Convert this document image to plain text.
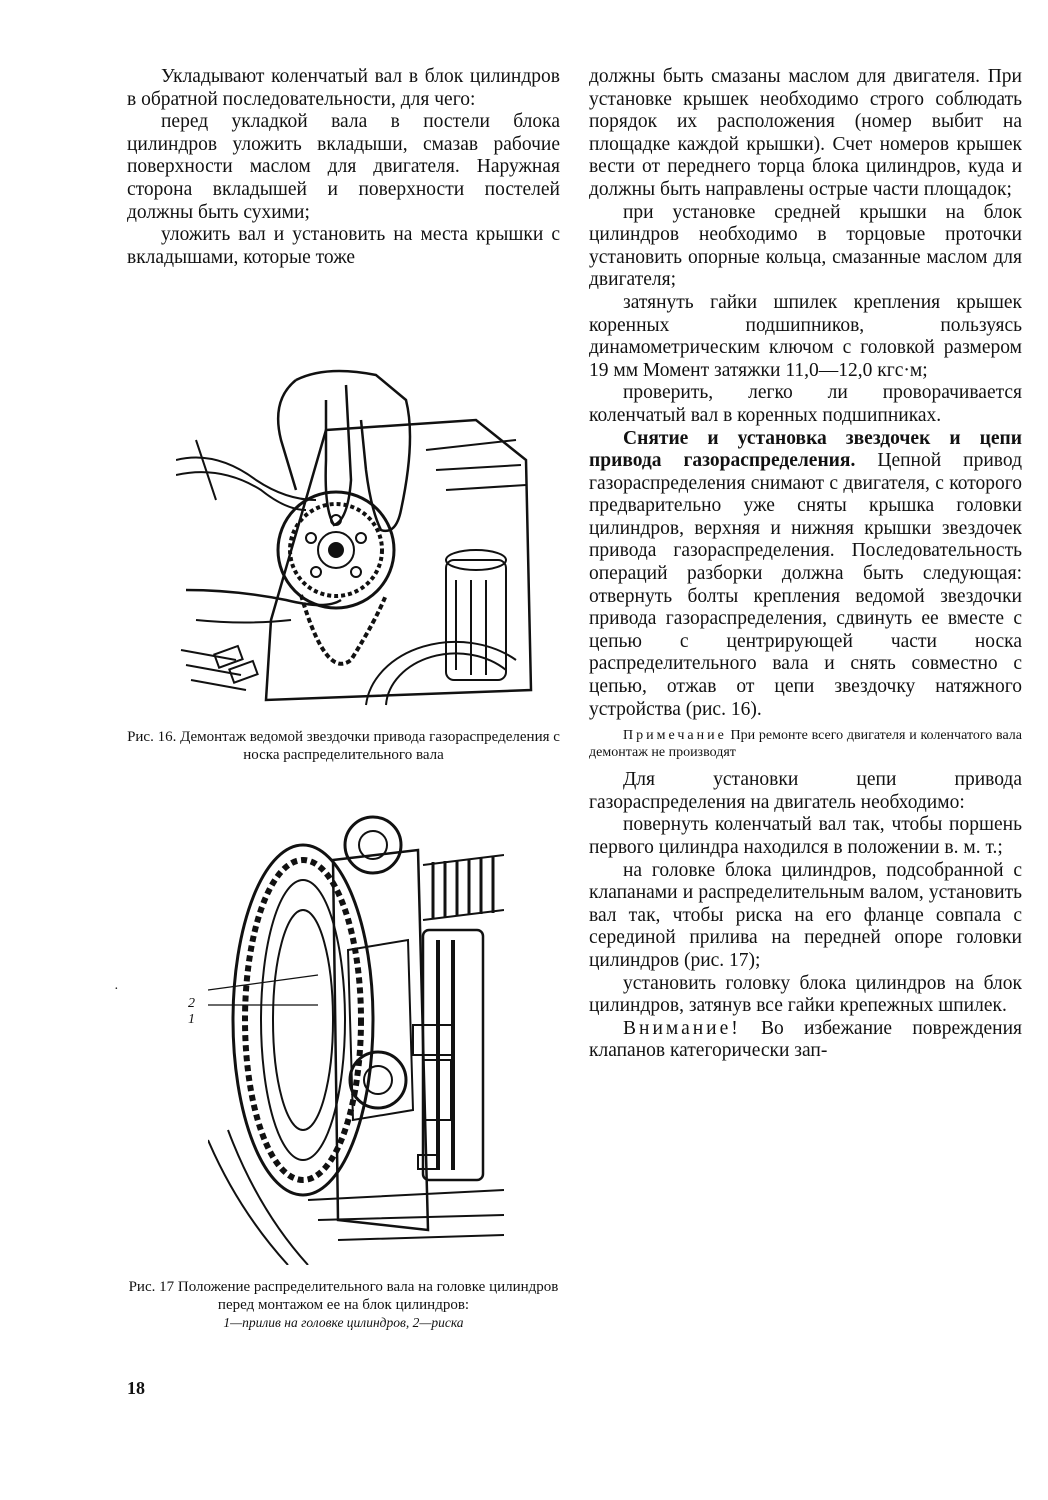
Укладывают коленчатый вал в блок цилиндров в обратной последовательности, для чего:

перед укладкой вала в постели блока цилиндров уложить вкладыши, смазав рабочие поверхности маслом для двигателя. Наружная сторона вкладышей и поверхности постелей должны быть сухими;

уложить вал и установить на места крышки с вкладышами, которые тоже

Рис. 16. Демонтаж ведомой звездочки привода газораспределения с носка распределительного вала
2
1
·
Рис. 17 Положение распределительного вала на головке цилиндров перед монтажом ее на блок цилиндров:
1—прилив на головке цилиндров, 2—риска
18

должны быть смазаны маслом для двигателя. При установке крышек необходимо строго соблюдать порядок их расположения (номер выбит на площадке каждой крышки). Счет номеров крышек вести от переднего торца блока цилиндров, куда и должны быть направлены острые части площадок;

при установке средней крышки на блок цилиндров необходимо в торцовые проточки установить опорные кольца, смазанные маслом для двигателя;

затянуть гайки шпилек крепления крышек коренных подшипников, пользуясь динамометрическим ключом с головкой размером 19 мм Момент затяжки 11,0—12,0 кгс·м;

проверить, легко ли проворачивается коленчатый вал в коренных подшипниках.

Снятие и установка звездочек и цепи привода газораспределения. Цепной привод газораспределения снимают с двигателя, с которого предварительно уже сняты крышка головки цилиндров, верхняя и нижняя крышки звездочек привода газораспределения. Последовательность операций разборки должна быть следующая: отвернуть болты крепления ведомой звездочки привода газораспределения, сдвинуть ее вместе с цепью с центрирующей части носка распределительного вала и снять совместно с цепью, отжав от цепи звездочку натяжного устройства (рис. 16).

Примечание При ремонте всего двигателя и коленчатого вала демонтаж не производят

Для установки цепи привода газораспределения на двигатель необходимо:

повернуть коленчатый вал так, чтобы поршень первого цилиндра находился в положении в. м. т.;

на головке блока цилиндров, подсобранной с клапанами и распределительным валом, установить вал так, чтобы риска на его фланце совпала с серединой прилива на передней опоре головки цилиндров (рис. 17);

установить головку блока цилиндров на блок цилиндров, затянув все гайки крепежных шпилек.

Внимание! Во избежание повреждения клапанов категорически зап-
